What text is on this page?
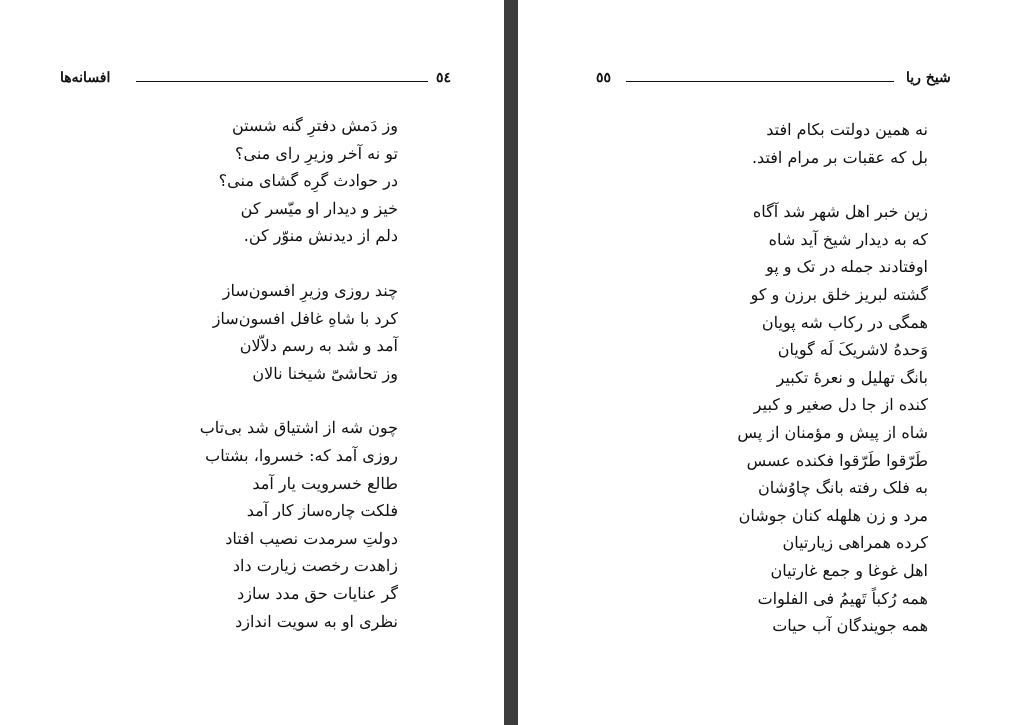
افسانه‌ها	٥٤
وز دَمش دفترِ گنه شستن
تو نه آخر وزیرِ رای منی؟
در حوادث گرِه گشای منی؟
خیز و دیدار او میّسر کن
دلم از دیدنش منوّر کن.
چند روزی وزیرِ افسون‌ساز
کرد با شاهِ غافل افسون‌ساز
آمد و شد به رسم دلاّلان
وز تحاشیّ شیخنا نالان
چون شه از اشتیاق شد بی‌تاب
روزی آمد که: خسروا، بشتاب
طالع خسرویت یار آمد
فلکت چاره‌ساز کار آمد
دولتِ سرمدت نصیب افتاد
زاهدت رخصت زیارت داد
گر عنایات حق مدد سازد
نظری او به سویت اندازد
٥٥	شیخ ریا
نه همین دولتت بکام افتد
بل که عقبات بر مرام افتد.
زین خبر اهل شهر شد آگاه
که به دیدار شیخ آید شاه
اوفتادند جمله در تک و پو
گشته لبریز خلق برزن و کو
همگی در رکاب شه پویان
وَحدهُ لاشریکَ لَه گویان
بانگ تهلیل و نعرهٔ تکبیر
کنده از جا دل صغیر و کبیر
شاه از پیش و مؤمنان از پس
طَرّقوا طَرّقوا فکنده عسس
به فلک رفته بانگ چاوُشان
مرد و زن هلهله کنان جوشان
کرده همراهی زیارتیان
اهل غوغا و جمع غارتیان
همه رُکباً تَهیمُ فی الفلوات
همه جویندگان آب حیات
